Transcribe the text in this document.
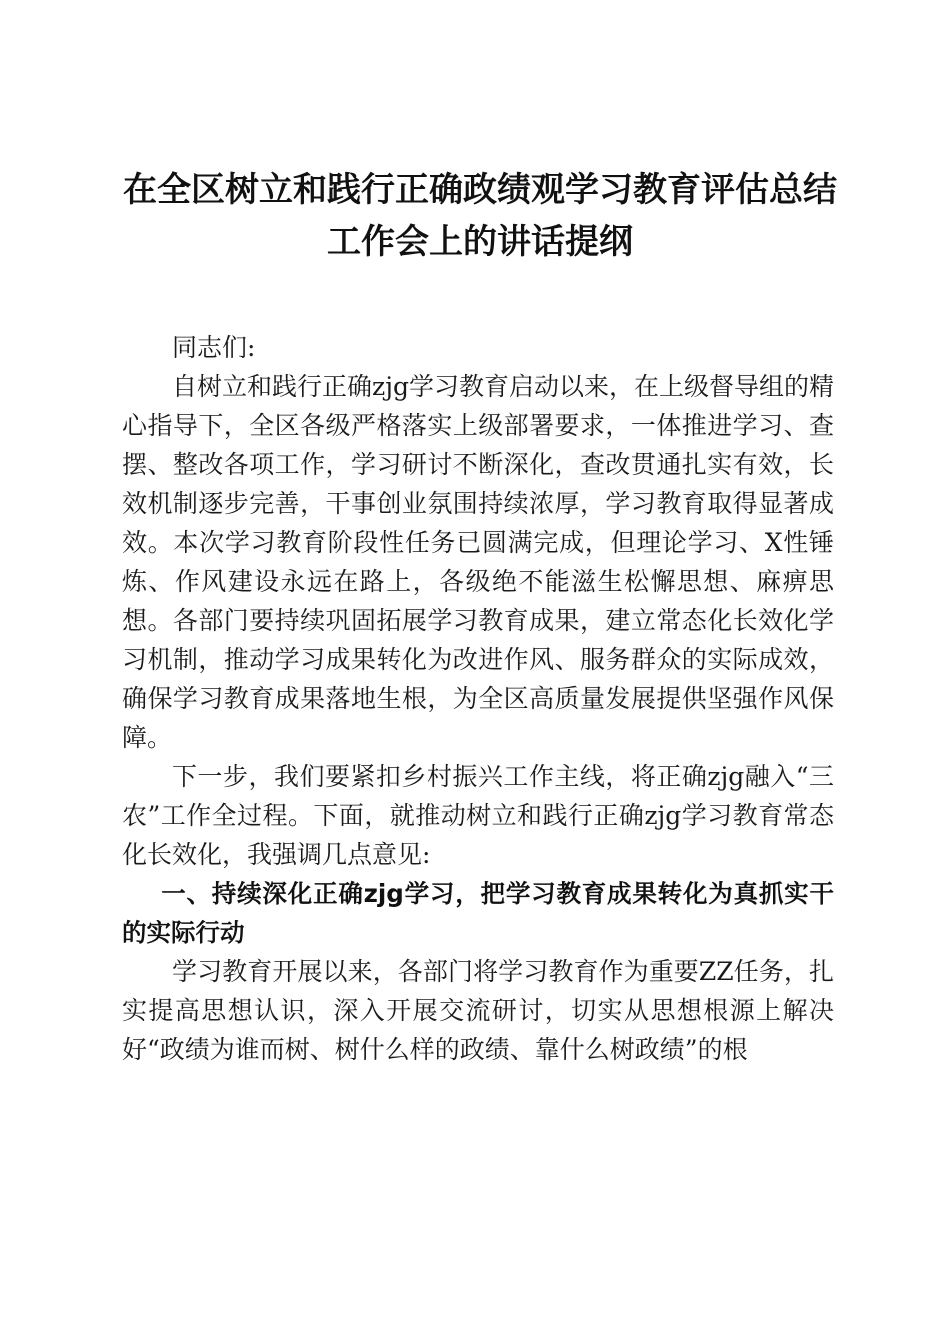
在全区树立和践行正确政绩观学习教育评估总结工作会上的讲话提纲

同志们:

自树立和践行正确zjg学习教育启动以来，在上级督导组的精心指导下，全区各级严格落实上级部署要求，一体推进学习、查摆、整改各项工作，学习研讨不断深化，查改贯通扎实有效，长效机制逐步完善，干事创业氛围持续浓厚，学习教育取得显著成效。本次学习教育阶段性任务已圆满完成，但理论学习、X性锤炼、作风建设永远在路上，各级绝不能滋生松懈思想、麻痹思想。各部门要持续巩固拓展学习教育成果，建立常态化长效化学习机制，推动学习成果转化为改进作风、服务群众的实际成效，确保学习教育成果落地生根，为全区高质量发展提供坚强作风保障。

下一步，我们要紧扣乡村振兴工作主线，将正确zjg融入“三农”工作全过程。下面，就推动树立和践行正确zjg学习教育常态化长效化，我强调几点意见:

一、持续深化正确zjg学习，把学习教育成果转化为真抓实干的实际行动

学习教育开展以来，各部门将学习教育作为重要ZZ任务，扎实提高思想认识，深入开展交流研讨，切实从思想根源上解决好“政绩为谁而树、树什么样的政绩、靠什么树政绩”的根
